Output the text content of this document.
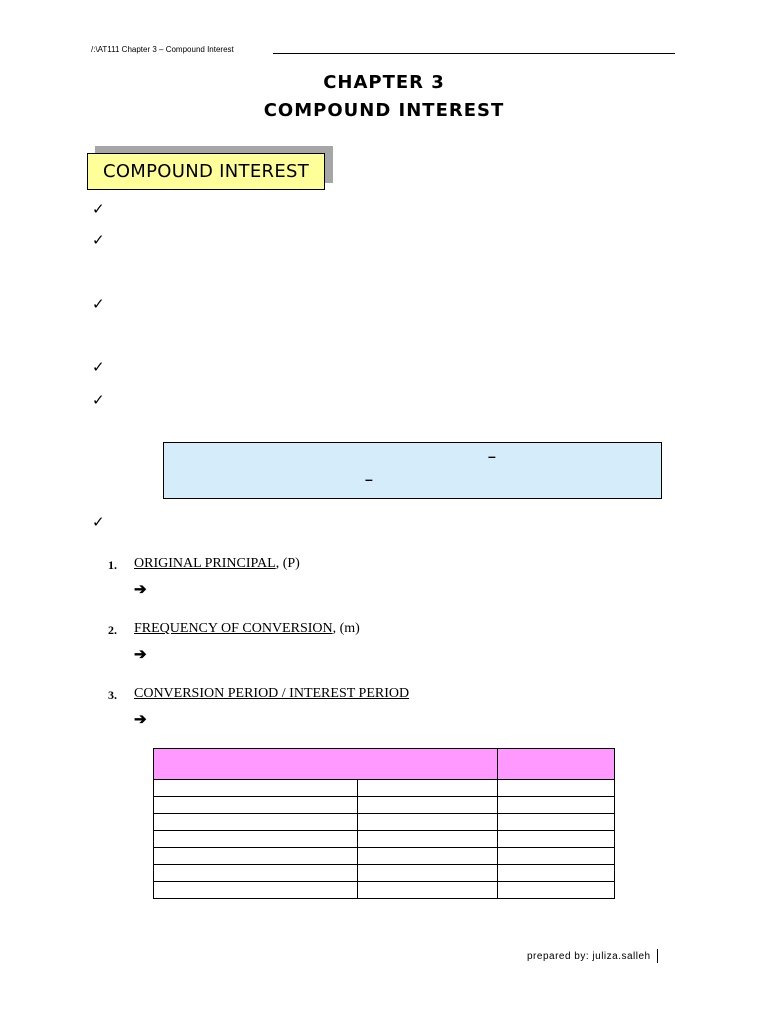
/:\AT111 Chapter 3 – Compound Interest
CHAPTER 3
COMPOUND INTEREST
COMPOUND INTEREST
✓
✓
✓
✓
✓
–
–
✓
1. ORIGINAL PRINCIPAL, (P)
➔
2. FREQUENCY OF CONVERSION, (m)
➔
3. CONVERSION PERIOD / INTEREST PERIOD
➔

prepared by: juliza.salleh
